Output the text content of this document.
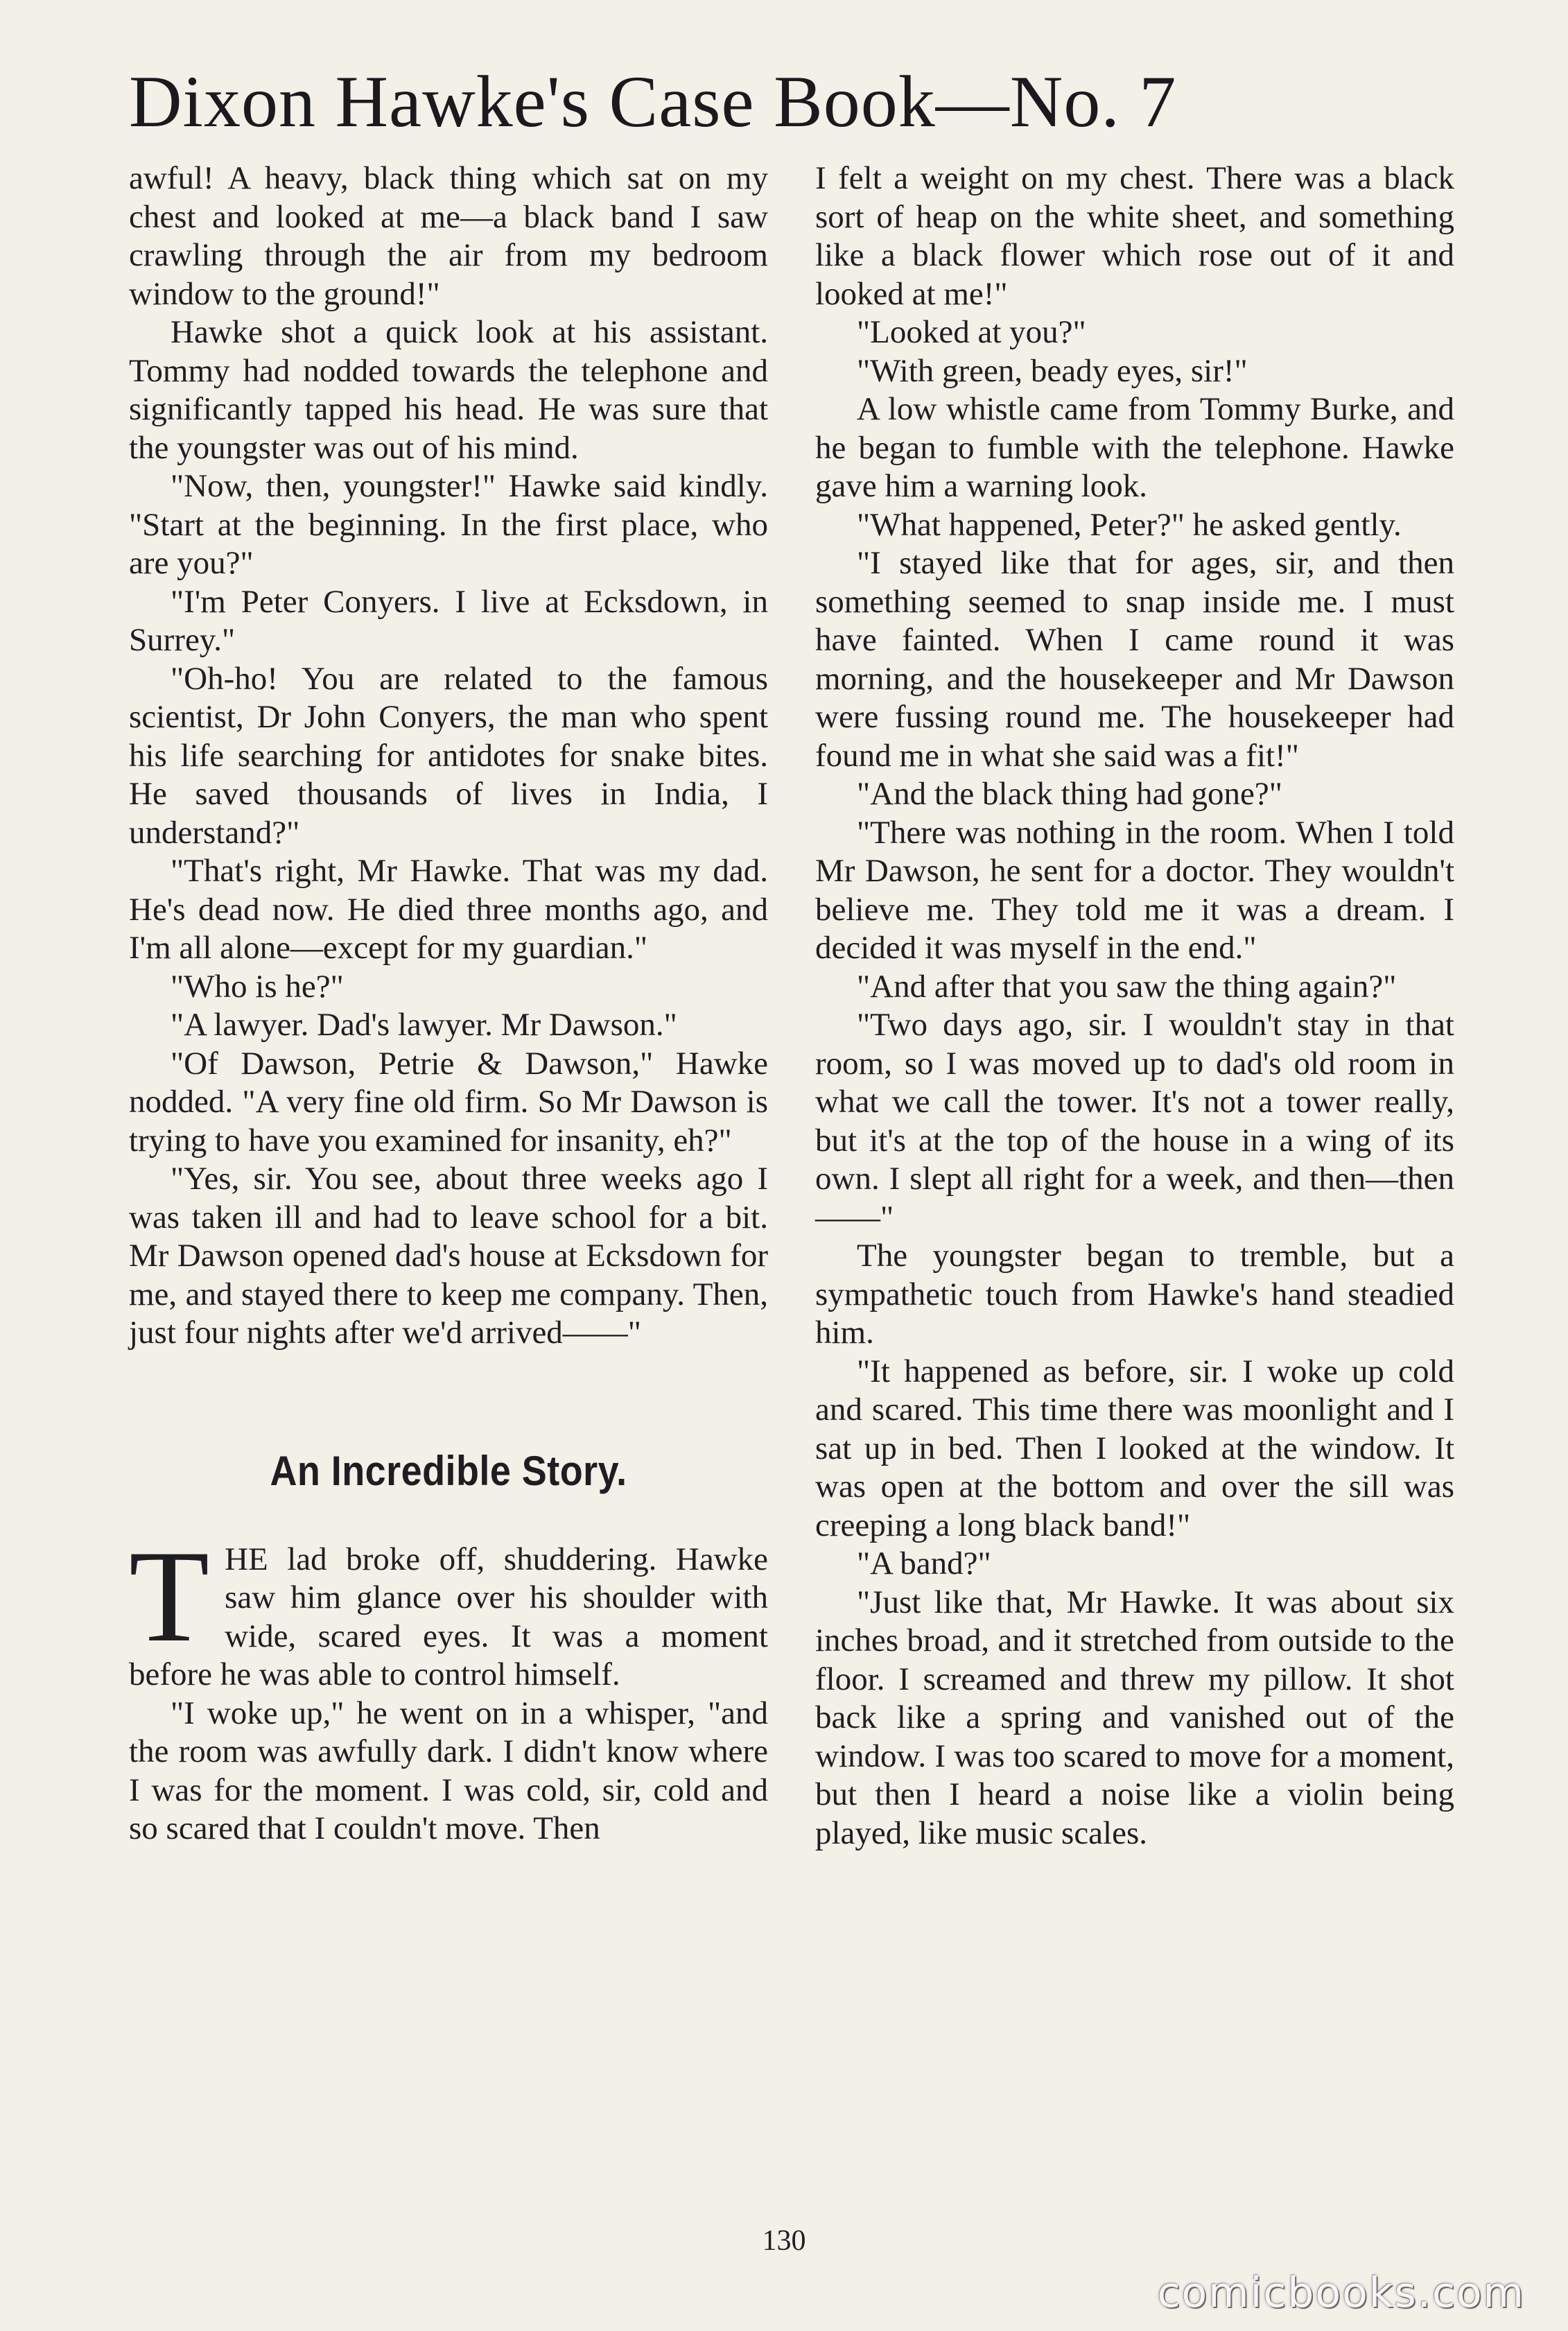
Dixon Hawke's Case Book—No. 7

awful! A heavy, black thing which sat on my chest and looked at me—a black band I saw crawling through the air from my bedroom window to the ground!"

Hawke shot a quick look at his assistant. Tommy had nodded towards the telephone and significantly tapped his head. He was sure that the youngster was out of his mind.

"Now, then, youngster!" Hawke said kindly. "Start at the beginning. In the first place, who are you?"

"I'm Peter Conyers. I live at Ecksdown, in Surrey."

"Oh-ho! You are related to the famous scientist, Dr John Conyers, the man who spent his life searching for antidotes for snake bites. He saved thousands of lives in India, I understand?"

"That's right, Mr Hawke. That was my dad. He's dead now. He died three months ago, and I'm all alone—except for my guardian."

"Who is he?"

"A lawyer. Dad's lawyer. Mr Dawson."

"Of Dawson, Petrie & Dawson," Hawke nodded. "A very fine old firm. So Mr Dawson is trying to have you examined for insanity, eh?"

"Yes, sir. You see, about three weeks ago I was taken ill and had to leave school for a bit. Mr Dawson opened dad's house at Ecksdown for me, and stayed there to keep me company. Then, just four nights after we'd arrived——"

An Incredible Story.

THE lad broke off, shuddering. Hawke saw him glance over his shoulder with wide, scared eyes. It was a moment before he was able to control himself.

"I woke up," he went on in a whisper, "and the room was awfully dark. I didn't know where I was for the moment. I was cold, sir, cold and so scared that I couldn't move. Then

I felt a weight on my chest. There was a black sort of heap on the white sheet, and something like a black flower which rose out of it and looked at me!"

"Looked at you?"

"With green, beady eyes, sir!"

A low whistle came from Tommy Burke, and he began to fumble with the telephone. Hawke gave him a warning look.

"What happened, Peter?" he asked gently.

"I stayed like that for ages, sir, and then something seemed to snap inside me. I must have fainted. When I came round it was morning, and the housekeeper and Mr Dawson were fussing round me. The housekeeper had found me in what she said was a fit!"

"And the black thing had gone?"

"There was nothing in the room. When I told Mr Dawson, he sent for a doctor. They wouldn't believe me. They told me it was a dream. I decided it was myself in the end."

"And after that you saw the thing again?"

"Two days ago, sir. I wouldn't stay in that room, so I was moved up to dad's old room in what we call the tower. It's not a tower really, but it's at the top of the house in a wing of its own. I slept all right for a week, and then—then——"

The youngster began to tremble, but a sympathetic touch from Hawke's hand steadied him.

"It happened as before, sir. I woke up cold and scared. This time there was moonlight and I sat up in bed. Then I looked at the window. It was open at the bottom and over the sill was creeping a long black band!"

"A band?"

"Just like that, Mr Hawke. It was about six inches broad, and it stretched from outside to the floor. I screamed and threw my pillow. It shot back like a spring and vanished out of the window. I was too scared to move for a moment, but then I heard a noise like a violin being played, like music scales.

130
comicbooks.com
